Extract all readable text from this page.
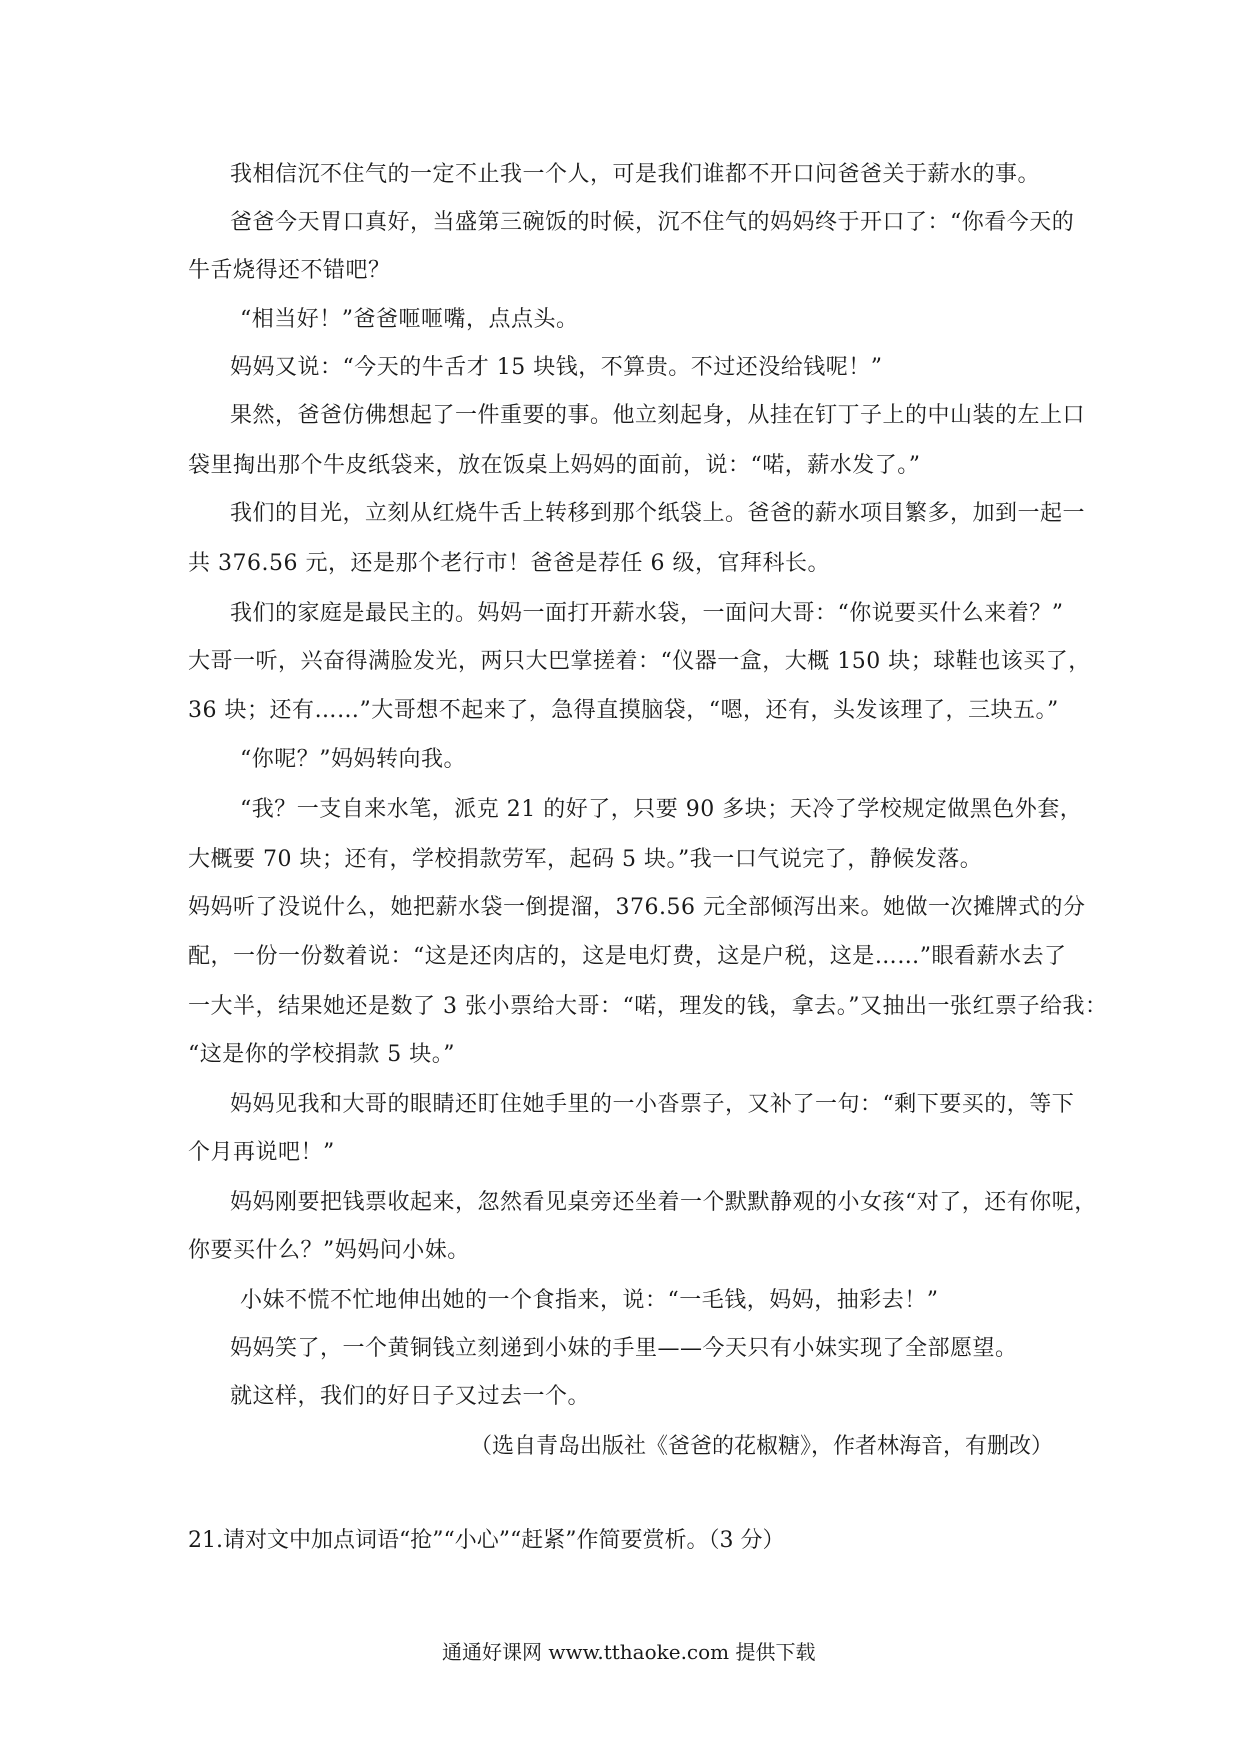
我相信沉不住气的一定不止我一个人，可是我们谁都不开口问爸爸关于薪水的事。
爸爸今天胃口真好，当盛第三碗饭的时候，沉不住气的妈妈终于开口了：“你看今天的
牛舌烧得还不错吧？
“相当好！”爸爸咂咂嘴，点点头。
妈妈又说：“今天的牛舌才 15 块钱，不算贵。不过还没给钱呢！”
果然，爸爸仿佛想起了一件重要的事。他立刻起身，从挂在钉丁子上的中山装的左上口
袋里掏出那个牛皮纸袋来，放在饭桌上妈妈的面前，说：“喏，薪水发了。”
我们的目光，立刻从红烧牛舌上转移到那个纸袋上。爸爸的薪水项目繁多，加到一起一
共 376.56 元，还是那个老行市！爸爸是荐任 6 级，官拜科长。
我们的家庭是最民主的。妈妈一面打开薪水袋，一面问大哥：“你说要买什么来着？”
大哥一听，兴奋得满脸发光，两只大巴掌搓着：“仪器一盒，大概 150 块；球鞋也该买了，
36 块；还有……”大哥想不起来了，急得直摸脑袋，“嗯，还有，头发该理了，三块五。”
“你呢？”妈妈转向我。
“我？一支自来水笔，派克 21 的好了，只要 90 多块；天冷了学校规定做黑色外套，
大概要 70 块；还有，学校捐款劳军，起码 5 块。”我一口气说完了，静候发落。
妈妈听了没说什么，她把薪水袋一倒提溜，376.56 元全部倾泻出来。她做一次摊牌式的分
配，一份一份数着说：“这是还肉店的，这是电灯费，这是户税，这是……”眼看薪水去了
一大半，结果她还是数了 3 张小票给大哥：“喏，理发的钱，拿去。”又抽出一张红票子给我：
“这是你的学校捐款 5 块。”
妈妈见我和大哥的眼睛还盯住她手里的一小沓票子，又补了一句：“剩下要买的，等下
个月再说吧！”
妈妈刚要把钱票收起来，忽然看见桌旁还坐着一个默默静观的小女孩“对了，还有你呢，
你要买什么？”妈妈问小妹。
小妹不慌不忙地伸出她的一个食指来，说：“一毛钱，妈妈，抽彩去！”
妈妈笑了，一个黄铜钱立刻递到小妹的手里——今天只有小妹实现了全部愿望。
就这样，我们的好日子又过去一个。
（选自青岛出版社《爸爸的花椒糖》，作者林海音，有删改）
21.请对文中加点词语“抢”“小心”“赶紧”作简要赏析。（3 分）
通通好课网 www.tthaoke.com 提供下载
